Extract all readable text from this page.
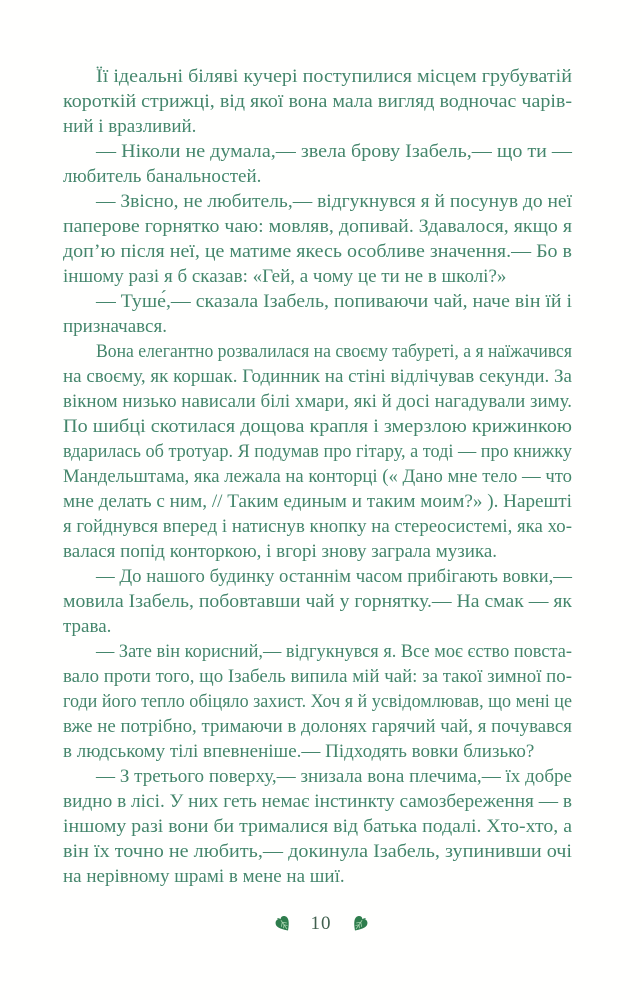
Її ідеальні біляві кучері поступилися місцем грубуватій
короткій стрижці, від якої вона мала вигляд водночас чарів-
ний і вразливий.
— Ніколи не думала,— звела брову Ізабель,— що ти —
любитель банальностей.
— Звісно, не любитель,— відгукнувся я й посунув до неї
паперове горнятко чаю: мовляв, допивай. Здавалося, якщо я
доп’ю після неї, це матиме якесь особливе значення.— Бо в
іншому разі я б сказав: «Гей, а чому це ти не в школі?»
— Туше́,— сказала Ізабель, попиваючи чай, наче він їй і
призначався.
Вона елегантно розвалилася на своєму табуреті, а я наїжачився
на своєму, як коршак. Годинник на стіні відлічував секунди. За
вікном низько нависали білі хмари, які й досі нагадували зиму.
По шибці скотилася дощова крапля і змерзлою крижинкою
вдарилась об тротуар. Я подумав про гітару, а тоді — про книжку
Мандельштама, яка лежала на конторці (« Дано мне тело — что
мне делать с ним, // Таким единым и таким моим?» ). Нарешті
я гойднувся вперед і натиснув кнопку на стереосистемі, яка хо-
валася попід конторкою, і вгорі знову заграла музика.
— До нашого будинку останнім часом прибігають вовки,—
мовила Ізабель, побовтавши чай у горнятку.— На смак — як
трава.
— Зате він корисний,— відгукнувся я. Все моє єство повста-
вало проти того, що Ізабель випила мій чай: за такої зимної по-
годи його тепло обіцяло захист. Хоч я й усвідомлював, що мені це
вже не потрібно, тримаючи в долонях гарячий чай, я почувався
в людському тілі впевненіше.— Підходять вовки близько?
— З третього поверху,— знизала вона плечима,— їх добре
видно в лісі. У них геть немає інстинкту самозбереження — в
іншому разі вони би трималися від батька подалі. Хто-хто, а
він їх точно не любить,— докинула Ізабель, зупинивши очі
на нерівному шрамі в мене на шиї.
10
